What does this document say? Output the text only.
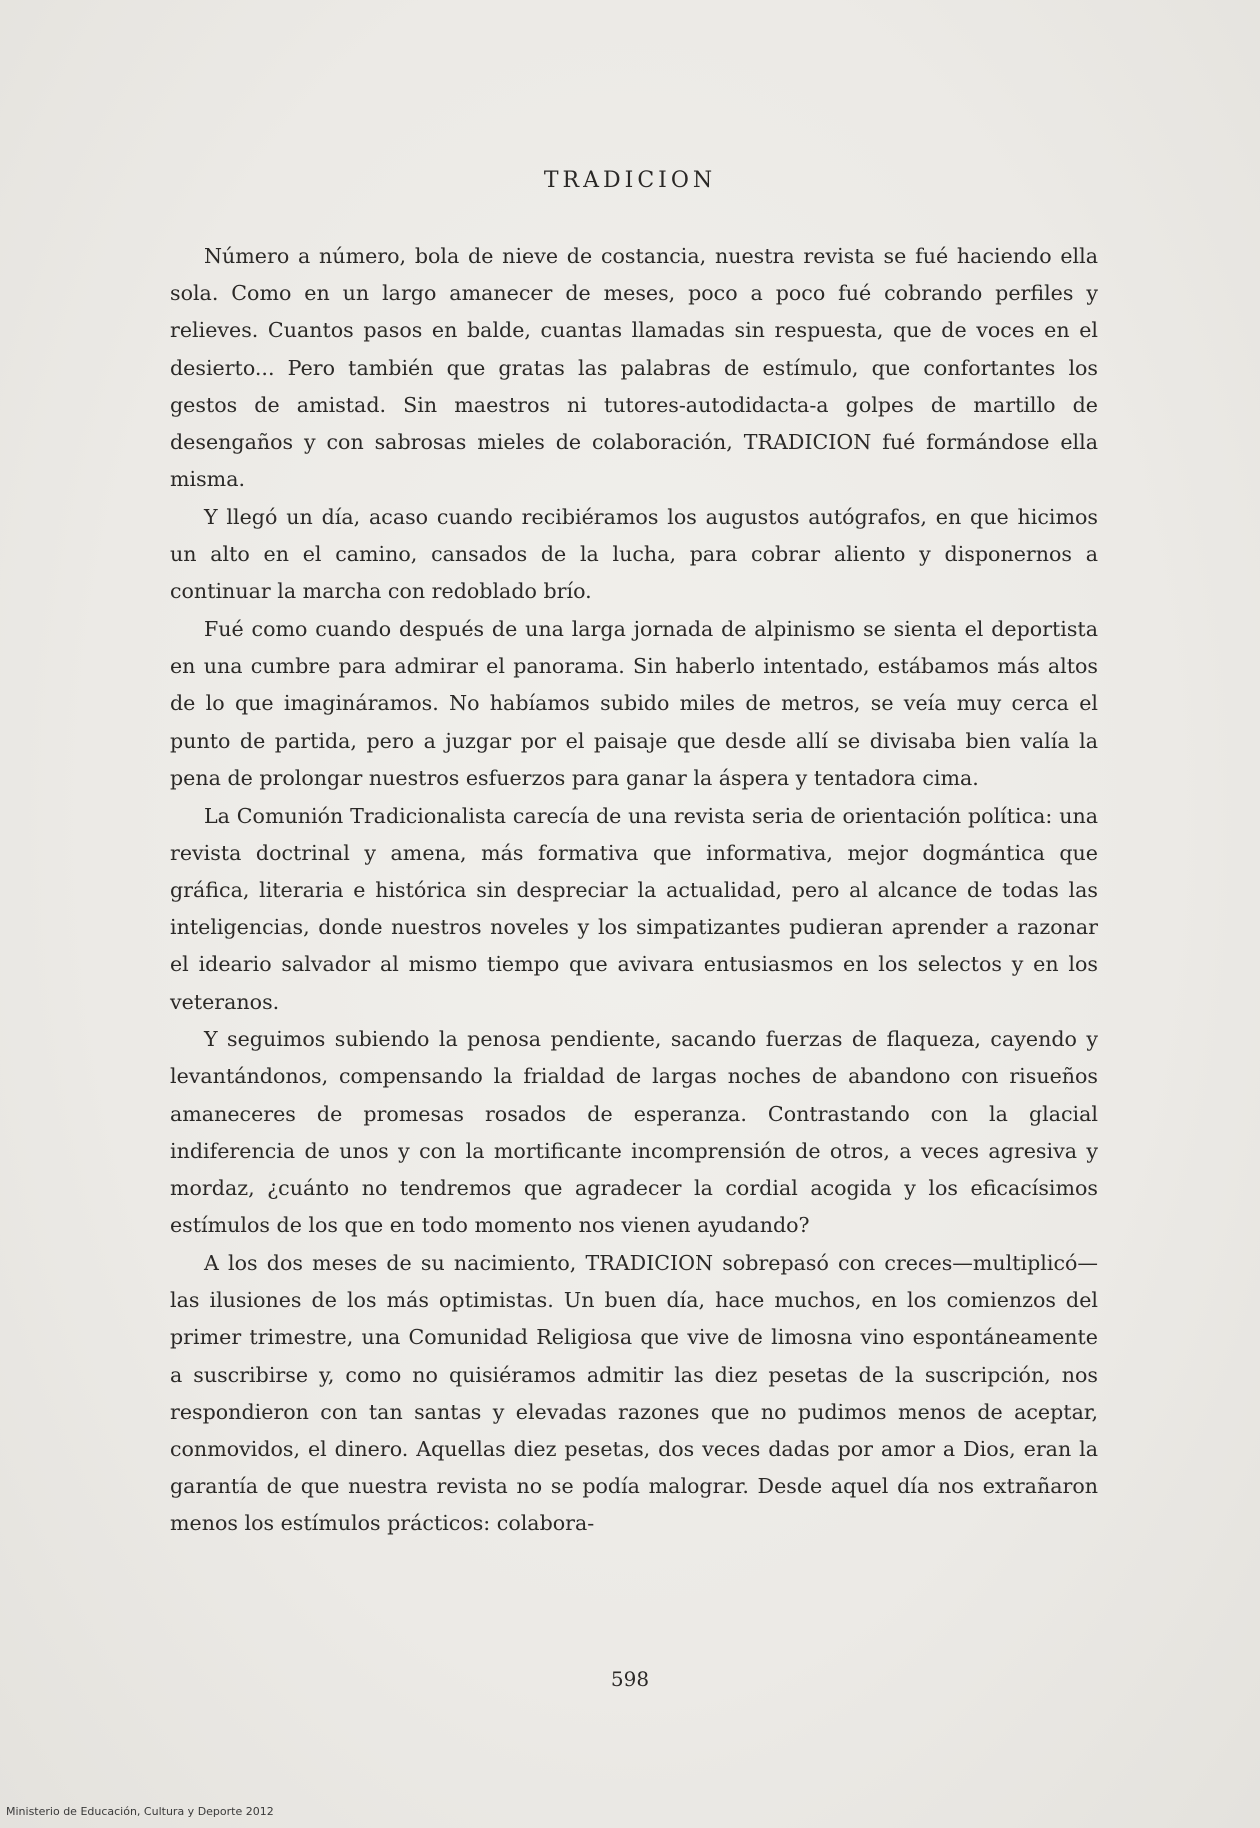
TRADICION

Número a número, bola de nieve de costancia, nuestra revista se fué haciendo ella sola. Como en un largo amanecer de meses, poco a poco fué cobrando perfiles y relieves. Cuantos pasos en balde, cuantas llamadas sin respuesta, que de voces en el desierto... Pero también que gratas las palabras de estímulo, que confortantes los gestos de amistad. Sin maestros ni tutores-autodidacta-a golpes de martillo de desengaños y con sabrosas mieles de colaboración, TRADICION fué formándose ella misma.

Y llegó un día, acaso cuando recibiéramos los augustos autógrafos, en que hicimos un alto en el camino, cansados de la lucha, para cobrar aliento y disponernos a continuar la marcha con redoblado brío.

Fué como cuando después de una larga jornada de alpinismo se sienta el deportista en una cumbre para admirar el panorama. Sin haberlo intentado, estábamos más altos de lo que imagináramos. No habíamos subido miles de metros, se veía muy cerca el punto de partida, pero a juzgar por el paisaje que desde allí se divisaba bien valía la pena de prolongar nuestros esfuerzos para ganar la áspera y tentadora cima.

La Comunión Tradicionalista carecía de una revista seria de orientación política: una revista doctrinal y amena, más formativa que informativa, mejor dogmántica que gráfica, literaria e histórica sin despreciar la actualidad, pero al alcance de todas las inteligencias, donde nuestros noveles y los simpatizantes pudieran aprender a razonar el ideario salvador al mismo tiempo que avivara entusiasmos en los selectos y en los veteranos.

Y seguimos subiendo la penosa pendiente, sacando fuerzas de flaqueza, cayendo y levantándonos, compensando la frialdad de largas noches de abandono con risueños amaneceres de promesas rosados de esperanza. Contrastando con la glacial indiferencia de unos y con la mortificante incomprensión de otros, a veces agresiva y mordaz, ¿cuánto no tendremos que agradecer la cordial acogida y los eficacísimos estímulos de los que en todo momento nos vienen ayudando?

A los dos meses de su nacimiento, TRADICION sobrepasó con creces—multiplicó—las ilusiones de los más optimistas. Un buen día, hace muchos, en los comienzos del primer trimestre, una Comunidad Religiosa que vive de limosna vino espontáneamente a suscribirse y, como no quisiéramos admitir las diez pesetas de la suscripción, nos respondieron con tan santas y elevadas razones que no pudimos menos de aceptar, conmovidos, el dinero. Aquellas diez pesetas, dos veces dadas por amor a Dios, eran la garantía de que nuestra revista no se podía malograr. Desde aquel día nos extrañaron menos los estímulos prácticos: colabora-

598
Ministerio de Educación, Cultura y Deporte 2012
